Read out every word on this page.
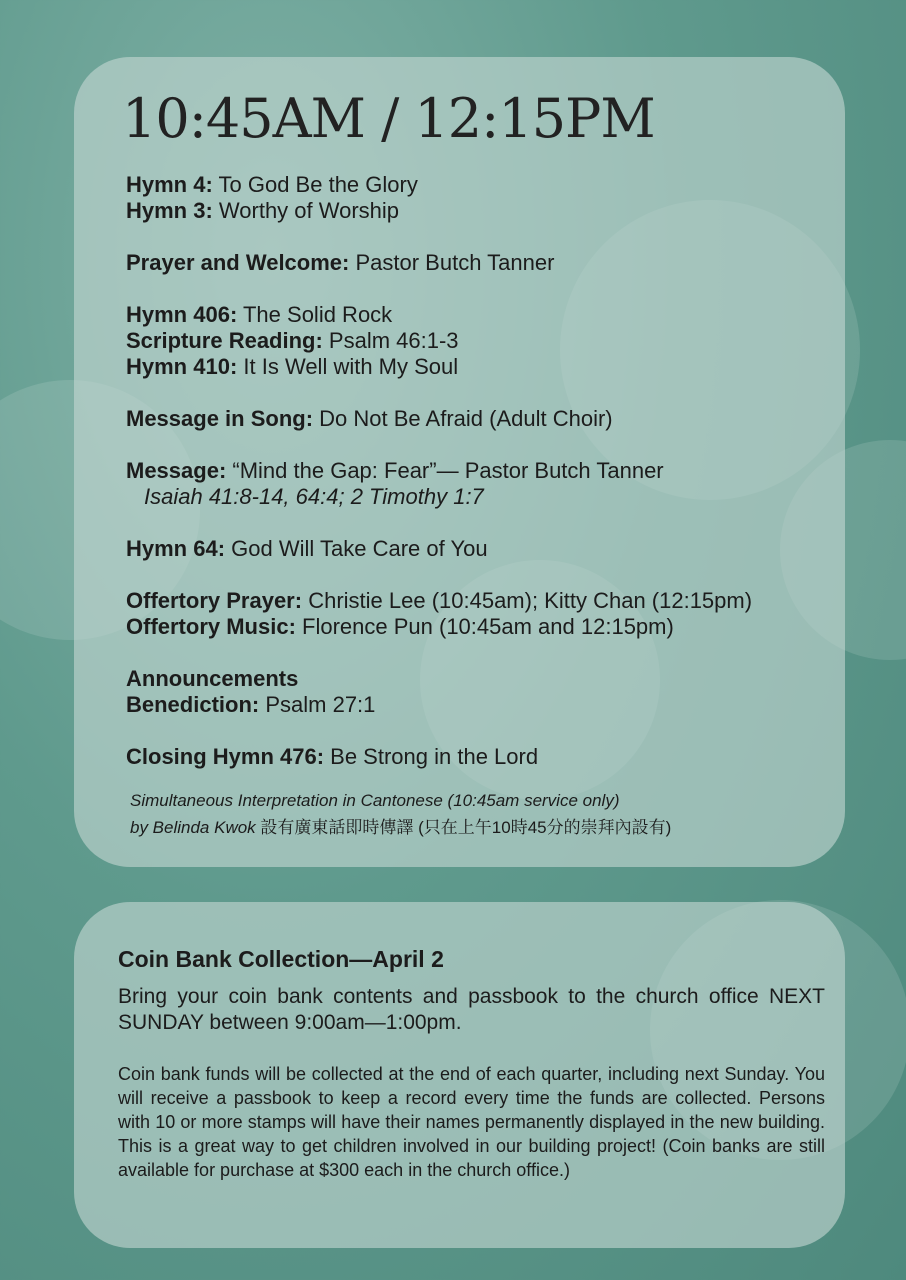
10:45AM / 12:15PM
Hymn 4: To God Be the Glory
Hymn 3: Worthy of Worship
Prayer and Welcome: Pastor Butch Tanner
Hymn 406: The Solid Rock
Scripture Reading: Psalm 46:1-3
Hymn 410: It Is Well with My Soul
Message in Song: Do Not Be Afraid (Adult Choir)
Message: “Mind the Gap: Fear”— Pastor Butch Tanner
Isaiah 41:8-14, 64:4; 2 Timothy 1:7
Hymn 64: God Will Take Care of You
Offertory Prayer: Christie Lee (10:45am); Kitty Chan (12:15pm)
Offertory Music: Florence Pun (10:45am and 12:15pm)
Announcements
Benediction: Psalm 27:1
Closing Hymn 476: Be Strong in the Lord
Simultaneous Interpretation in Cantonese (10:45am service only)
by Belinda Kwok 設有廣東話即時傳譯 (只在上午10時45分的崇拜內設有)
Coin Bank Collection—April 2
Bring your coin bank contents and passbook to the church office NEXT SUNDAY between 9:00am—1:00pm.
Coin bank funds will be collected at the end of each quarter, including next Sunday. You will receive a passbook to keep a record every time the funds are collected. Persons with 10 or more stamps will have their names permanently displayed in the new building. This is a great way to get children involved in our building project! (Coin banks are still available for purchase at $300 each in the church office.)
